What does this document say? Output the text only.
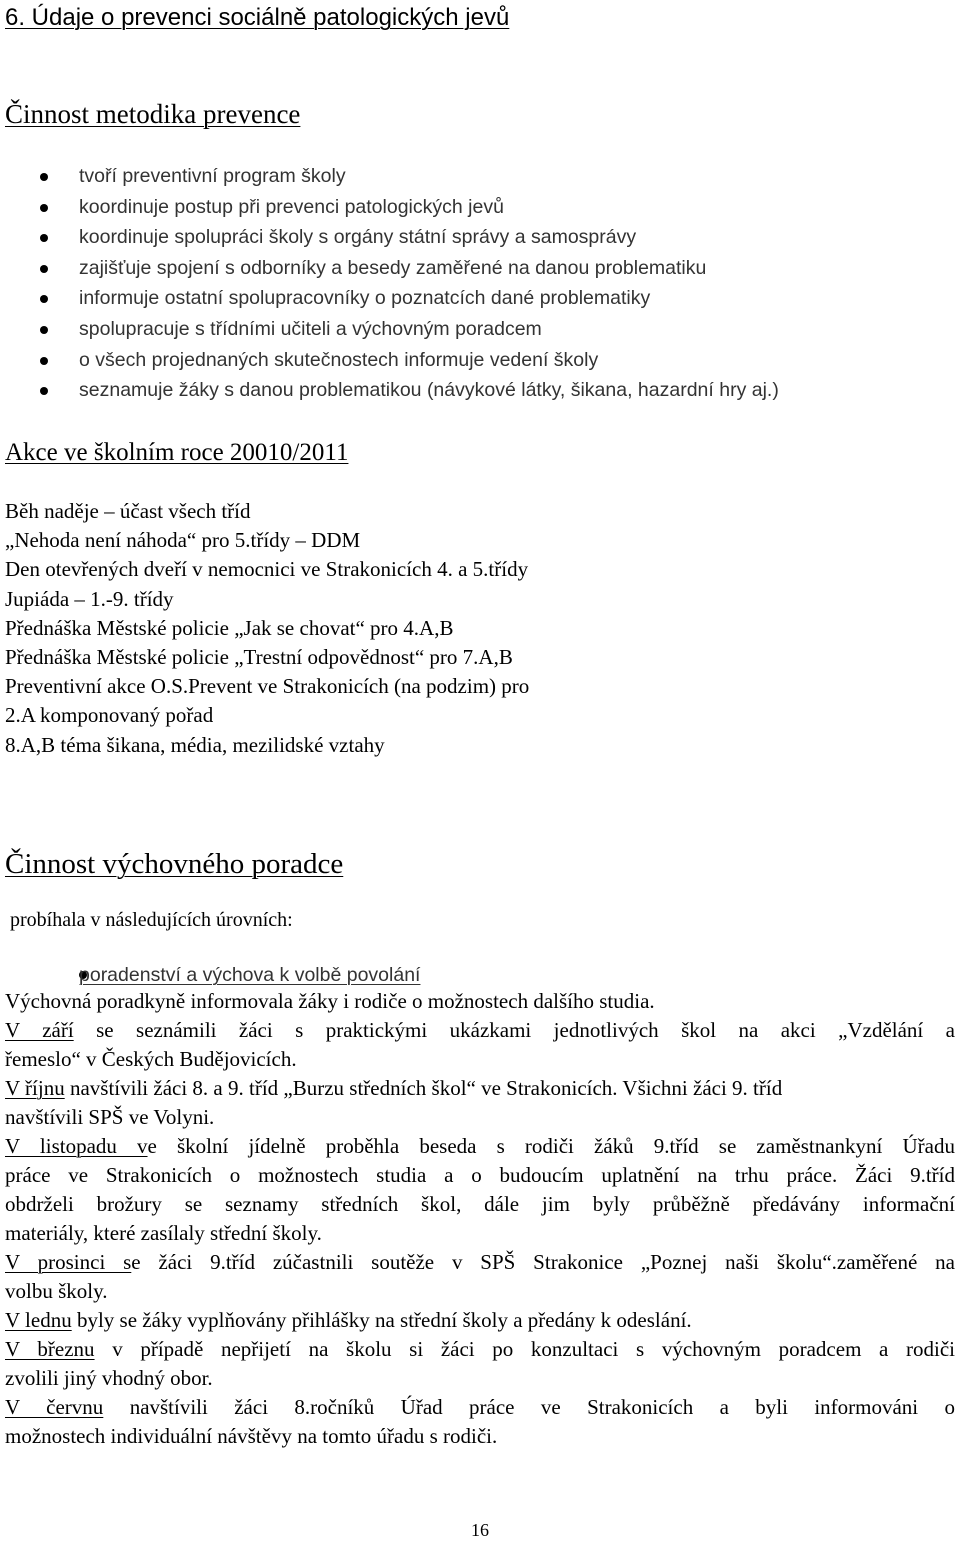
6. Údaje o prevenci sociálně patologických jevů
Činnost metodika prevence
tvoří preventivní program školy
koordinuje postup při prevenci patologických jevů
koordinuje spolupráci školy s orgány státní správy a samosprávy
zajišťuje spojení s odborníky a besedy zaměřené na danou problematiku
informuje ostatní spolupracovníky o poznatcích dané problematiky
spolupracuje s třídními učiteli a výchovným poradcem
o všech projednaných skutečnostech informuje vedení školy
seznamuje žáky s danou problematikou (návykové látky, šikana, hazardní hry aj.)
Akce ve školním roce 20010/2011
Běh naděje – účast všech tříd
„Nehoda není náhoda“ pro 5.třídy – DDM
Den otevřených dveří v nemocnici ve Strakonicích 4. a 5.třídy
Jupiáda – 1.-9. třídy
Přednáška Městské policie „Jak se chovat“ pro 4.A,B
Přednáška Městské policie „Trestní odpovědnost“ pro 7.A,B
Preventivní akce O.S.Prevent ve Strakonicích (na podzim) pro
2.A komponovaný pořad
8.A,B téma šikana, média, mezilidské vztahy
Činnost výchovného poradce
probíhala v následujících úrovních:
poradenství a výchova k volbě povolání
Výchovná poradkyně informovala žáky i rodiče o možnostech dalšího studia.
V září se seznámili žáci s praktickými ukázkami jednotlivých škol na akci „Vzdělání a
řemeslo“ v Českých Budějovicích.
V říjnu navštívili žáci 8. a 9. tříd „Burzu středních škol“ ve Strakonicích. Všichni žáci 9. tříd
navštívili SPŠ ve Volyni.
V listopadu ve školní jídelně proběhla beseda s rodiči žáků 9.tříd se zaměstnankyní Úřadu
práce ve Strakonicích o možnostech studia a o budoucím uplatnění na trhu práce. Žáci 9.tříd
obdrželi brožury se seznamy středních škol, dále jim byly průběžně předávány informační
materiály, které zasílaly střední školy.
V prosinci se žáci 9.tříd zúčastnili soutěže v SPŠ Strakonice „Poznej naši školu“.zaměřené na
volbu školy.
V lednu byly se žáky vyplňovány přihlášky na střední školy a předány k odeslání.
V březnu v případě nepřijetí na školu si žáci po konzultaci s výchovným poradcem a rodiči
zvolili jiný vhodný obor.
V červnu navštívili žáci 8.ročníků Úřad práce ve Strakonicích a byli informováni o
možnostech individuální návštěvy na tomto úřadu s rodiči.
16
